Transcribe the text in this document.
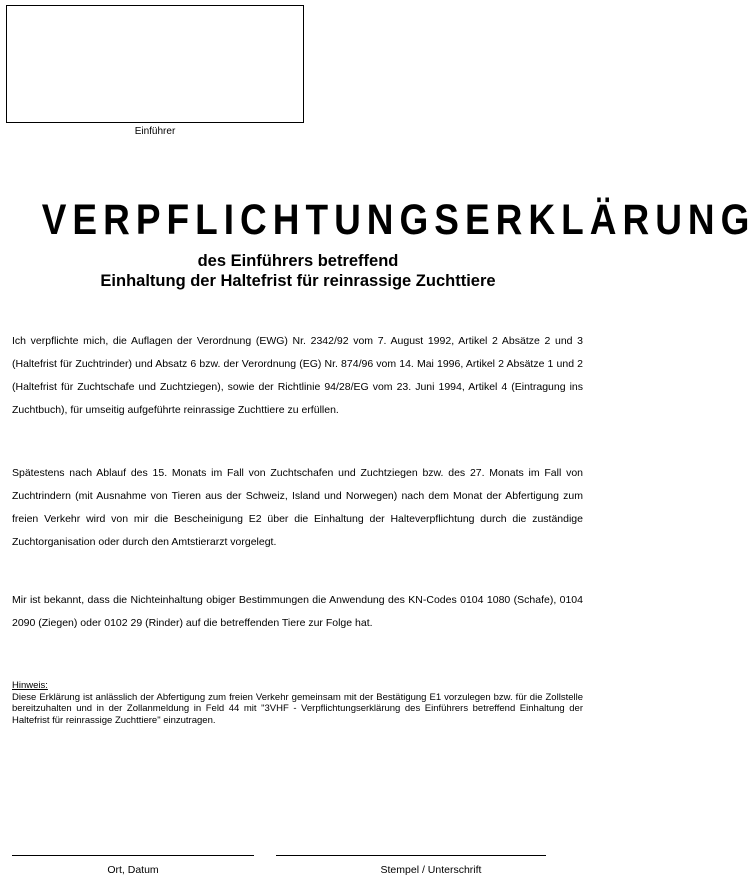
Einführer
VERPFLICHTUNGSERKLÄRUNG
des Einführers betreffend
Einhaltung der Haltefrist für reinrassige Zuchttiere
Ich verpflichte mich, die Auflagen der Verordnung (EWG) Nr. 2342/92 vom 7. August 1992, Artikel 2 Absätze 2 und 3 (Haltefrist für Zuchtrinder) und Absatz 6 bzw. der Verordnung (EG) Nr. 874/96 vom 14. Mai 1996, Artikel 2 Absätze 1 und 2 (Haltefrist für Zuchtschafe und Zuchtziegen), sowie der Richtlinie 94/28/EG vom 23. Juni 1994, Artikel 4 (Eintragung ins Zuchtbuch), für umseitig aufgeführte reinrassige Zuchttiere zu erfüllen.
Spätestens nach Ablauf des 15. Monats im Fall von Zuchtschafen und Zuchtziegen bzw. des 27. Monats im Fall von Zuchtrindern (mit Ausnahme von Tieren aus der Schweiz, Island und Norwegen) nach dem Monat der Abfertigung zum freien Verkehr wird von mir die Bescheinigung E2 über die Einhaltung der Halteverpflichtung durch die zuständige Zuchtorganisation oder durch den Amtstierarzt vorgelegt.
Mir ist bekannt, dass die Nichteinhaltung obiger Bestimmungen die Anwendung des KN-Codes 0104 1080 (Schafe), 0104 2090 (Ziegen) oder 0102 29 (Rinder) auf die betreffenden Tiere zur Folge hat.
Hinweis:
Diese Erklärung ist anlässlich der Abfertigung zum freien Verkehr gemeinsam mit der Bestätigung E1 vorzulegen bzw. für die Zollstelle bereitzuhalten und in der Zollanmeldung in Feld 44 mit "3VHF - Verpflichtungserklärung des Einführers betreffend Einhaltung der Haltefrist für reinrassige Zuchttiere" einzutragen.
Ort, Datum	Stempel / Unterschrift
